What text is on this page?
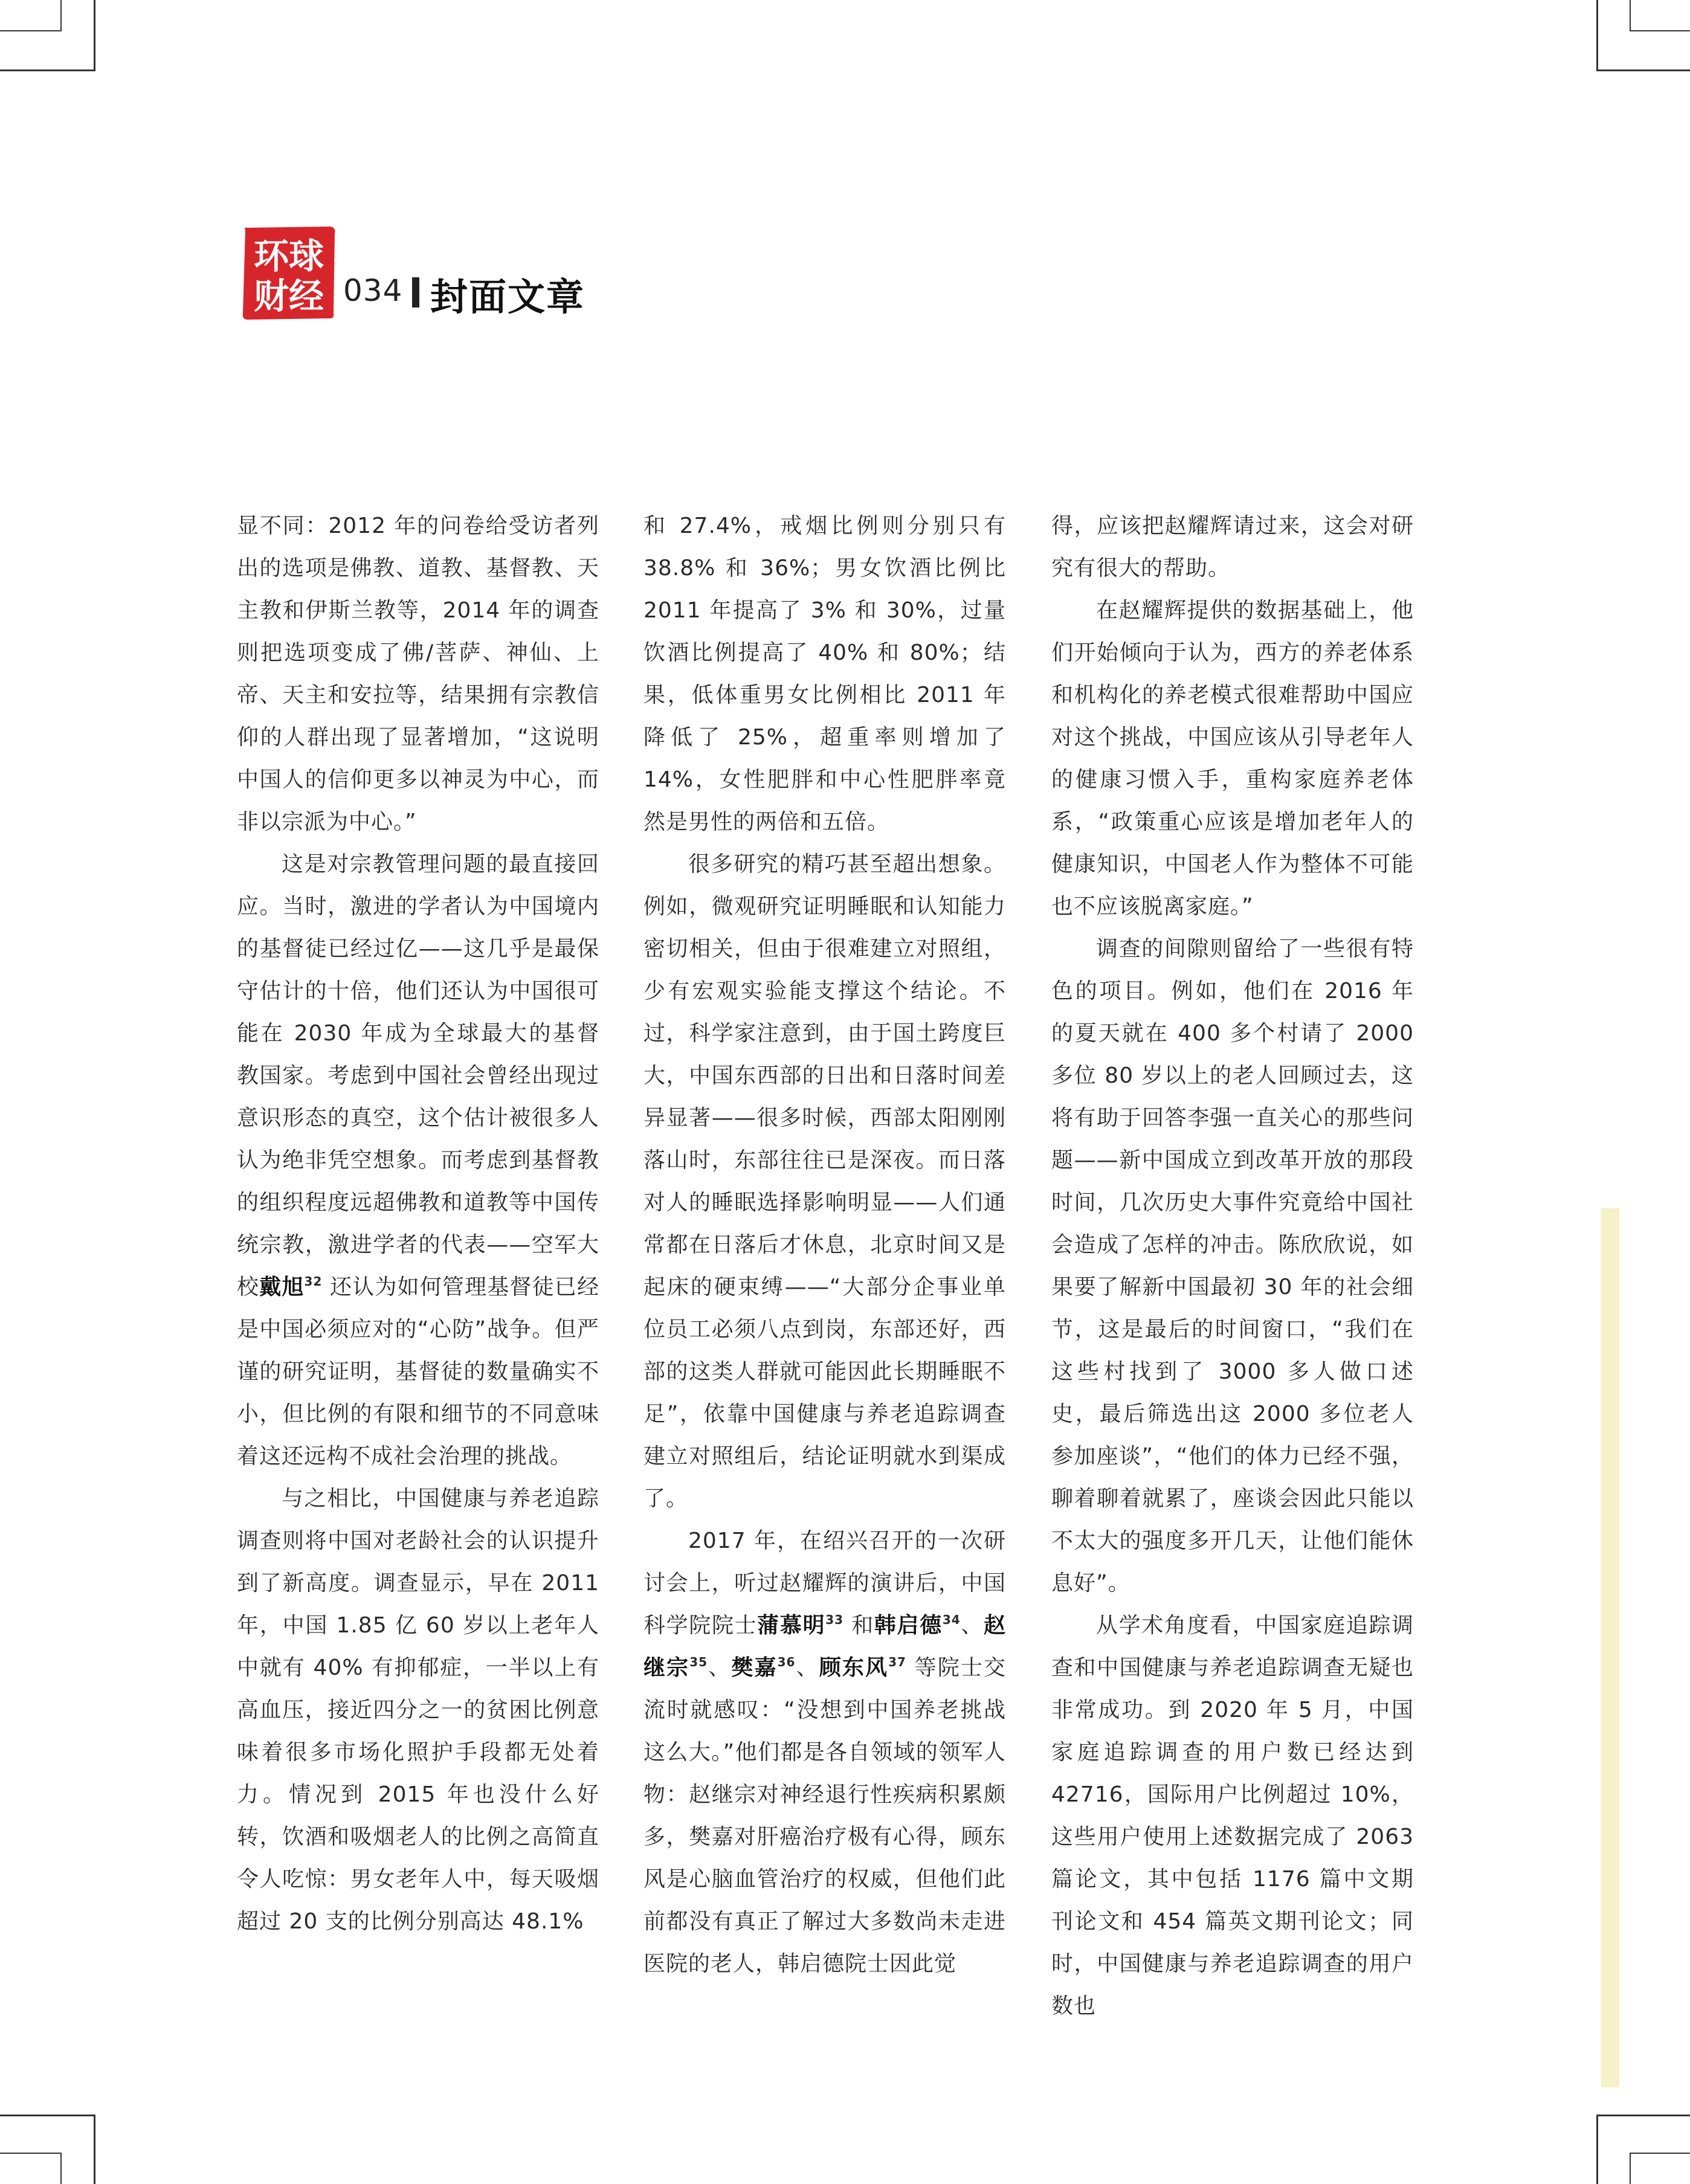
环球
财经 034 封面文章

显不同：2012 年的问卷给受访者列出的选项是佛教、道教、基督教、天主教和伊斯兰教等，2014 年的调查则把选项变成了佛/菩萨、神仙、上帝、天主和安拉等，结果拥有宗教信仰的人群出现了显著增加，“这说明中国人的信仰更多以神灵为中心，而非以宗派为中心。”

这是对宗教管理问题的最直接回应。当时，激进的学者认为中国境内的基督徒已经过亿——这几乎是最保守估计的十倍，他们还认为中国很可能在 2030 年成为全球最大的基督教国家。考虑到中国社会曾经出现过意识形态的真空，这个估计被很多人认为绝非凭空想象。而考虑到基督教的组织程度远超佛教和道教等中国传统宗教，激进学者的代表——空军大校戴旭$^{32}$ 还认为如何管理基督徒已经是中国必须应对的“心防”战争。但严谨的研究证明，基督徒的数量确实不小，但比例的有限和细节的不同意味着这还远构不成社会治理的挑战。

与之相比，中国健康与养老追踪调查则将中国对老龄社会的认识提升到了新高度。调查显示，早在 2011 年，中国 1.85 亿 60 岁以上老年人中就有 40% 有抑郁症，一半以上有高血压，接近四分之一的贫困比例意味着很多市场化照护手段都无处着力。情况到 2015 年也没什么好转，饮酒和吸烟老人的比例之高简直令人吃惊：男女老年人中，每天吸烟超过 20 支的比例分别高达 48.1%

和 27.4%，戒烟比例则分别只有 38.8% 和 36%；男女饮酒比例比 2011 年提高了 3% 和 30%，过量饮酒比例提高了 40% 和 80%；结果，低体重男女比例相比 2011 年降低了 25%，超重率则增加了 14%，女性肥胖和中心性肥胖率竟然是男性的两倍和五倍。

很多研究的精巧甚至超出想象。例如，微观研究证明睡眠和认知能力密切相关，但由于很难建立对照组，少有宏观实验能支撑这个结论。不过，科学家注意到，由于国土跨度巨大，中国东西部的日出和日落时间差异显著——很多时候，西部太阳刚刚落山时，东部往往已是深夜。而日落对人的睡眠选择影响明显——人们通常都在日落后才休息，北京时间又是起床的硬束缚——“大部分企事业单位员工必须八点到岗，东部还好，西部的这类人群就可能因此长期睡眠不足”，依靠中国健康与养老追踪调查建立对照组后，结论证明就水到渠成了。

2017 年，在绍兴召开的一次研讨会上，听过赵耀辉的演讲后，中国科学院院士蒲慕明$^{33}$ 和韩启德$^{34}$、赵继宗$^{35}$、樊嘉$^{36}$、顾东风$^{37}$ 等院士交流时就感叹：“没想到中国养老挑战这么大。”他们都是各自领域的领军人物：赵继宗对神经退行性疾病积累颇多，樊嘉对肝癌治疗极有心得，顾东风是心脑血管治疗的权威，但他们此前都没有真正了解过大多数尚未走进医院的老人，韩启德院士因此觉

得，应该把赵耀辉请过来，这会对研究有很大的帮助。

在赵耀辉提供的数据基础上，他们开始倾向于认为，西方的养老体系和机构化的养老模式很难帮助中国应对这个挑战，中国应该从引导老年人的健康习惯入手，重构家庭养老体系，“政策重心应该是增加老年人的健康知识，中国老人作为整体不可能也不应该脱离家庭。”

调查的间隙则留给了一些很有特色的项目。例如，他们在 2016 年的夏天就在 400 多个村请了 2000 多位 80 岁以上的老人回顾过去，这将有助于回答李强一直关心的那些问题——新中国成立到改革开放的那段时间，几次历史大事件究竟给中国社会造成了怎样的冲击。陈欣欣说，如果要了解新中国最初 30 年的社会细节，这是最后的时间窗口，“我们在这些村找到了 3000 多人做口述史，最后筛选出这 2000 多位老人参加座谈”，“他们的体力已经不强，聊着聊着就累了，座谈会因此只能以不太大的强度多开几天，让他们能休息好”。

从学术角度看，中国家庭追踪调查和中国健康与养老追踪调查无疑也非常成功。到 2020 年 5 月，中国家庭追踪调查的用户数已经达到 42716，国际用户比例超过 10%，这些用户使用上述数据完成了 2063 篇论文，其中包括 1176 篇中文期刊论文和 454 篇英文期刊论文；同时，中国健康与养老追踪调查的用户数也
